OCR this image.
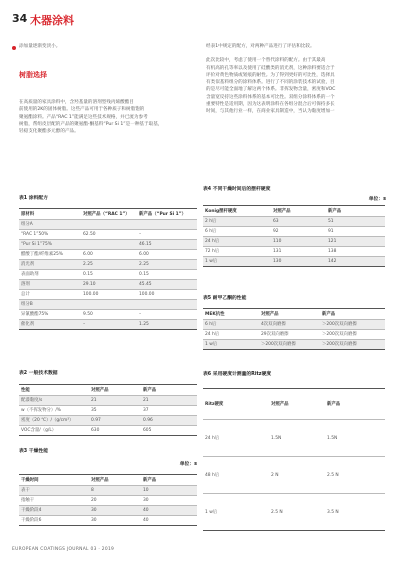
34 木器涂料
添加量逐渐变淡小。
树脂选择
在高质量的家具涂料中，含羟基量的溶剂型残丙烯酸酯目
前使用的2K的固体树脂。这些产品可用于各种质子和树脂饱的
聚氨酯涂料。产品“RAC 1”能满足这些技术规格，并已流为参考
树脂，帮组皮层配的产品的聚氨酯-酮基料“Pur Si 1”是一种基于取基，
轻稳支化聚酯多元醇的产品。
经表1中规定的配方，对两种产品进行了评估和比较。
此次比较中，考虑了使用一个替代涂料的配方。由于其最高
有机高的孔等率以及使用了硅酸类的消光剂，这种涂料要适合于
评价对黄色物质或划痕的耐性。为了得到更好的可比性，选择具
有类似基料组分的涂料体系。进行了不同的涂装技术的试验，目
的是尽可能全面地了解这两个体系。非挥发物含量，密度和VOC
含量宽反持这些涂料体系的基本可比性。双组分涂料体系的一个
重要特性是适用期，因为这表明涂料在各组分混合后可保持多长
时间，与其他行业一样，在商业家具制造中，当认为黏度增加一
表1 涂料配方
原材料	对照产品（“RAC 1”）	新产品（“Pur Si 1”）
组分A		
“RAC 1”50%	62.50	–
“Pur Si 1”75%		46.15
醋酸丁酯/纤维素25%	6.00	6.00
消光剂	2.25	2.25
表面助剂	0.15	0.15
溶剂	29.10	45.45
总计	100.00	100.00
组分B		
异氰酸酯75%	9.50	–
催化剂	–	1.25
表2 一般技术数据
性能	对照产品	新产品
配漆黏度/s	21	21
w（不挥发物分）/%	35	37
密度（20 ℃）/（g/cm³）	0.97	0.96
VOC含量/（g/L）	630	605
表3 干燥性能
单位：s
干燥时间	对照产品	新产品
表干	8	10
指触干	20	30
干燥阶段4	30	40
干燥阶段6	30	40
表4 不同干燥时间后的摆杆硬度
单位：s
Konig摆杆硬度	对照产品	新产品
2 h后	63	51
6 h后	92	91
24 h后	110	121
72 h后	131	138
1 w后	130	142
表5 耐甲乙酮的性能
MEK抗性	对照产品	新产品
6 h后	4次双向磨擦	＞200次双向磨擦
24 h后	29次双向磨擦	＞200次双向磨擦
1 w后	＞200次双向磨擦	＞200次双向磨擦
表6 采用硬度计测量的Ritz硬度
Ritz硬度	对照产品	新产品
24 h后	1.5N	1.5N
48 h后	2 N	2.5 N
1 w后	2.5 N	3.5 N
EUROPEAN COATINGS JOURNAL 03 · 2019
